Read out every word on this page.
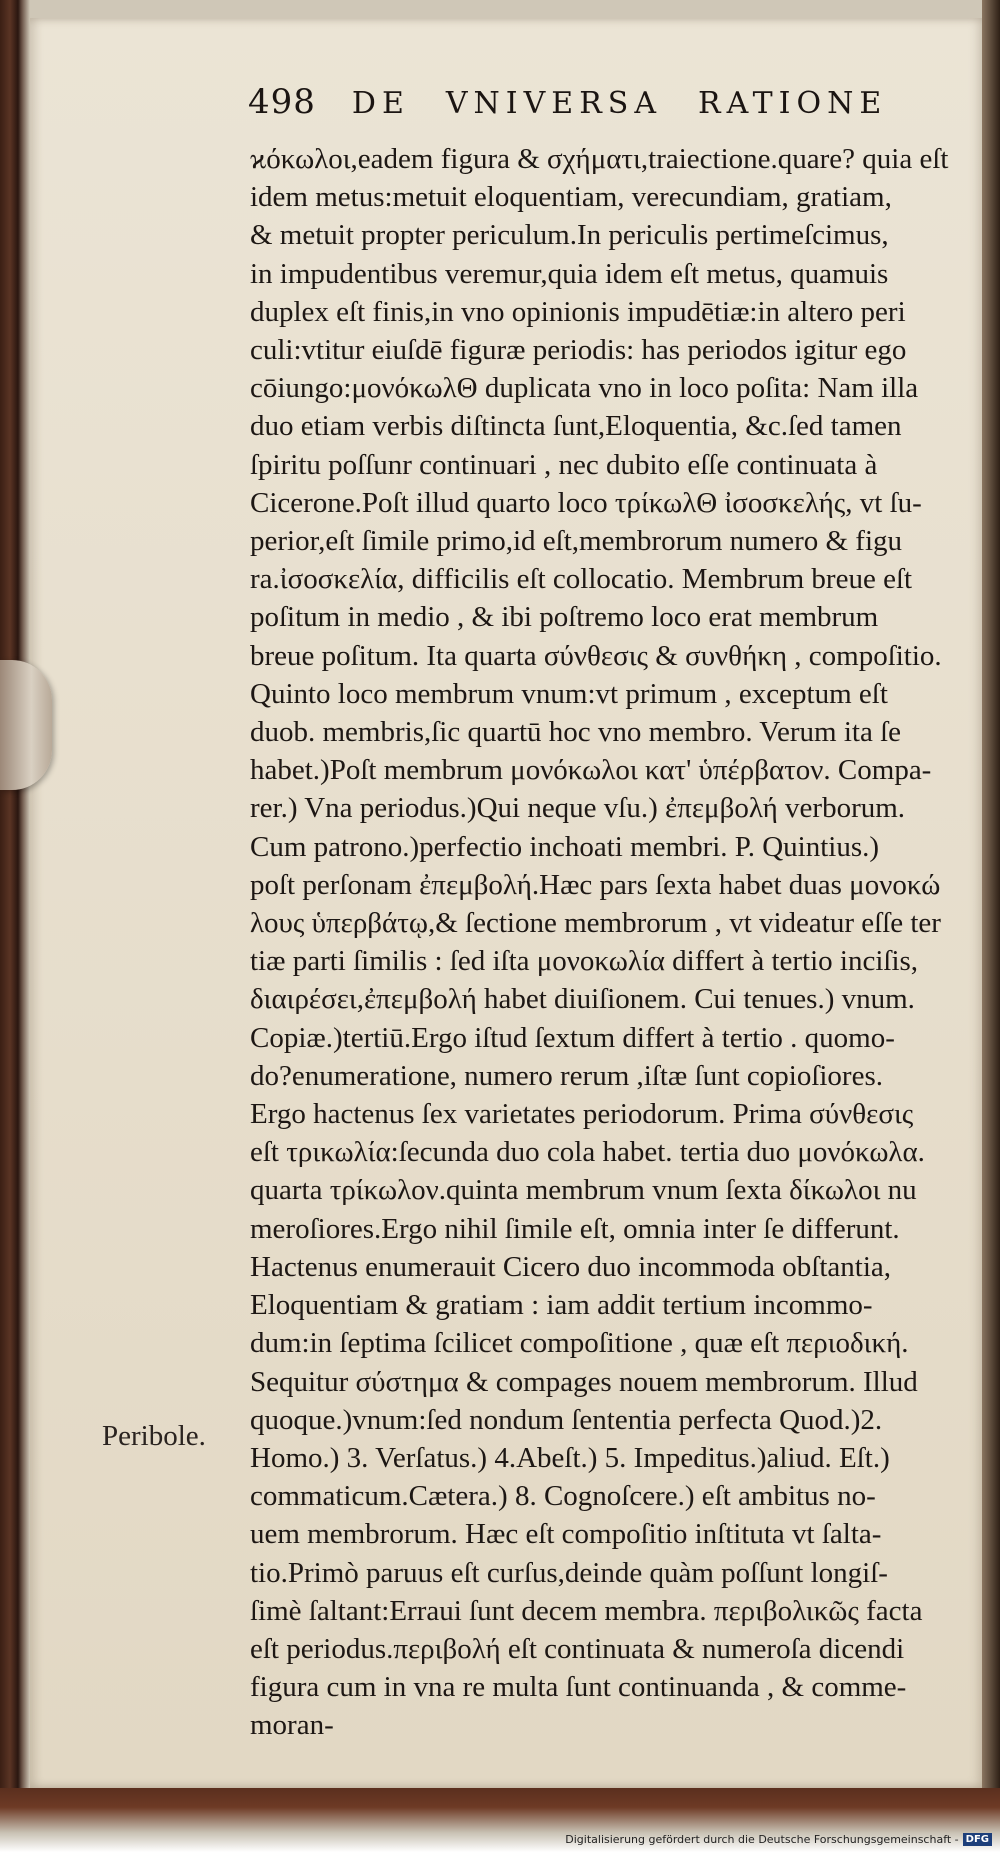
498 DE VNIVERSA RATIONE
ϰόκωλοι,eadem figura & σχήματι,traiectione.quare? quia eſt
idem metus:metuit eloquentiam, verecundiam, gratiam,
& metuit propter periculum.In periculis pertimeſcimus,
in impudentibus veremur,quia idem eſt metus, quamuis
duplex eſt finis,in vno opinionis impudētiæ:in altero peri
culi:vtitur eiuſdē figuræ periodis: has periodos igitur ego
cōiungo:μονόκωλΘ duplicata vno in loco poſita: Nam illa
duo etiam verbis diſtincta ſunt,Eloquentia, &c.ſed tamen
ſpiritu poſſunr continuari , nec dubito eſſe continuata à
Cicerone.Poſt illud quarto loco τρίκωλΘ ἰσοσκελής, vt ſu-
perior,eſt ſimile primo,id eſt,membrorum numero & figu
ra.ἰσοσκελία, difficilis eſt collocatio. Membrum breue eſt
poſitum in medio , & ibi poſtremo loco erat membrum
breue poſitum. Ita quarta σύνθεσις & συνθήκη , compoſitio.
Quinto loco membrum vnum:vt primum , exceptum eſt
duob. membris,ſic quartū hoc vno membro. Verum ita ſe
habet.)Poſt membrum μονόκωλοι κατ' ὑπέρβατον. Compa-
rer.) Vna periodus.)Qui neque vſu.) ἐπεμβολή verborum.
Cum patrono.)perfectio inchoati membri. P. Quintius.)
poſt perſonam ἐπεμβολή.Hæc pars ſexta habet duas μονοκώ
λους ὑπερβάτῳ,& ſectione membrorum , vt videatur eſſe ter
tiæ parti ſimilis : ſed iſta μονοκωλία differt à tertio inciſis,
διαιρέσει,ἐπεμβολή habet diuiſionem. Cui tenues.) vnum.
Copiæ.)tertiū.Ergo iſtud ſextum differt à tertio . quomo-
do?enumeratione, numero rerum ,iſtæ ſunt copioſiores.
Ergo hactenus ſex varietates periodorum. Prima σύνθεσις
eſt τρικωλία:ſecunda duo cola habet. tertia duo μονόκωλα.
quarta τρίκωλον.quinta membrum vnum ſexta δίκωλοι nu
meroſiores.Ergo nihil ſimile eſt, omnia inter ſe differunt.
Hactenus enumerauit Cicero duo incommoda obſtantia,
Eloquentiam & gratiam : iam addit tertium incommo-
dum:in ſeptima ſcilicet compoſitione , quæ eſt περιοδική.
Sequitur σύστημα & compages nouem membrorum. Illud
quoque.)vnum:ſed nondum ſententia perfecta Quod.)2.
Homo.) 3. Verſatus.) 4.Abeſt.) 5. Impeditus.)aliud. Eſt.)
commaticum.Cætera.) 8. Cognoſcere.) eſt ambitus no-
uem membrorum. Hæc eſt compoſitio inſtituta vt ſalta-
tio.Primò paruus eſt curſus,deinde quàm poſſunt longiſ-
ſimè ſaltant:Erraui ſunt decem membra. περιβολικῶς facta
eſt periodus.περιβολή eſt continuata & numeroſa dicendi
figura cum in vna re multa ſunt continuanda , & comme-
moran-
Peribole.
Digitalisierung gefördert durch die Deutsche Forschungsgemeinschaft - DFG
